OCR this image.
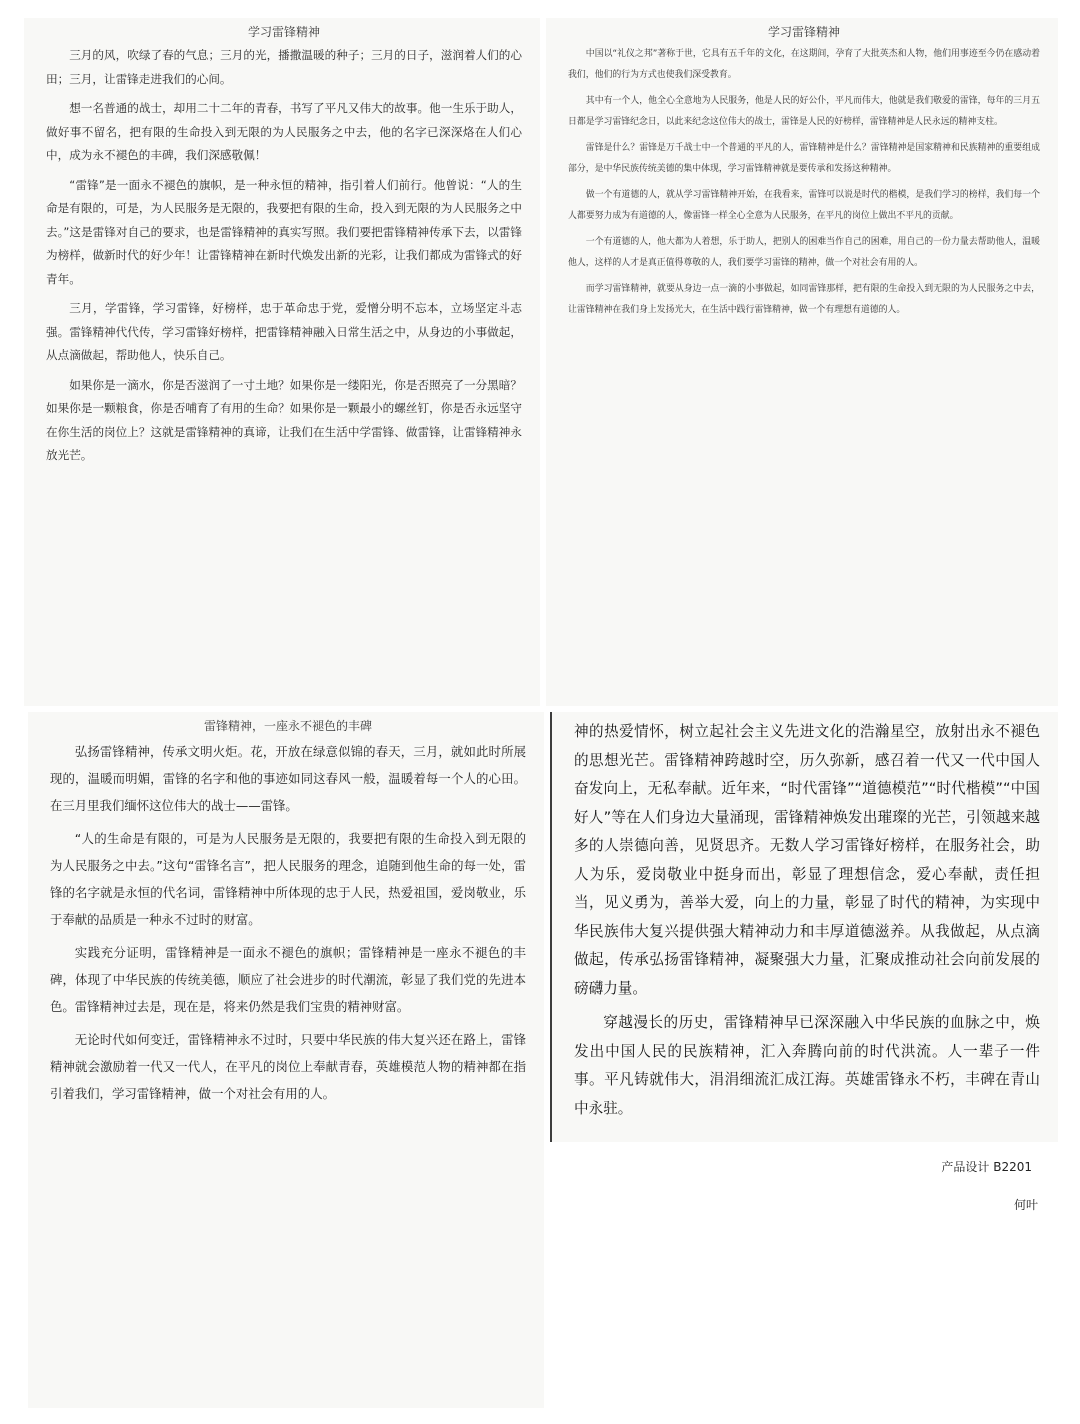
学习雷锋精神

三月的风，吹绿了春的气息；三月的光，播撒温暖的种子；三月的日子，滋润着人们的心田；三月，让雷锋走进我们的心间。

想一名普通的战士，却用二十二年的青春，书写了平凡又伟大的故事。他一生乐于助人，做好事不留名，把有限的生命投入到无限的为人民服务之中去，他的名字已深深烙在人们心中，成为永不褪色的丰碑，我们深感敬佩！

“雷锋”是一面永不褪色的旗帜，是一种永恒的精神，指引着人们前行。他曾说：“人的生命是有限的，可是，为人民服务是无限的，我要把有限的生命，投入到无限的为人民服务之中去。”这是雷锋对自己的要求，也是雷锋精神的真实写照。我们要把雷锋精神传承下去，以雷锋为榜样，做新时代的好少年！让雷锋精神在新时代焕发出新的光彩，让我们都成为雷锋式的好青年。

三月，学雷锋，学习雷锋，好榜样，忠于革命忠于党，爱憎分明不忘本，立场坚定斗志强。雷锋精神代代传，学习雷锋好榜样，把雷锋精神融入日常生活之中，从身边的小事做起，从点滴做起，帮助他人，快乐自己。

如果你是一滴水，你是否滋润了一寸土地？如果你是一缕阳光，你是否照亮了一分黑暗？如果你是一颗粮食，你是否哺育了有用的生命？如果你是一颗最小的螺丝钉，你是否永远坚守在你生活的岗位上？这就是雷锋精神的真谛，让我们在生活中学雷锋、做雷锋，让雷锋精神永放光芒。

学习雷锋精神

中国以“礼仪之邦”著称于世，它具有五千年的文化，在这期间，孕育了大批英杰和人物，他们用事迹至今仍在感动着我们，他们的行为方式也使我们深受教育。

其中有一个人，他全心全意地为人民服务，他是人民的好公仆，平凡而伟大，他就是我们敬爱的雷锋，每年的三月五日都是学习雷锋纪念日，以此来纪念这位伟大的战士，雷锋是人民的好榜样，雷锋精神是人民永远的精神支柱。

雷锋是什么？雷锋是万千战士中一个普通的平凡的人，雷锋精神是什么？雷锋精神是国家精神和民族精神的重要组成部分，是中华民族传统美德的集中体现，学习雷锋精神就是要传承和发扬这种精神。

做一个有道德的人，就从学习雷锋精神开始，在我看来，雷锋可以说是时代的楷模，是我们学习的榜样，我们每一个人都要努力成为有道德的人，像雷锋一样全心全意为人民服务，在平凡的岗位上做出不平凡的贡献。

一个有道德的人，他大都为人着想，乐于助人，把别人的困难当作自己的困难，用自己的一份力量去帮助他人，温暖他人，这样的人才是真正值得尊敬的人，我们要学习雷锋的精神，做一个对社会有用的人。

而学习雷锋精神，就要从身边一点一滴的小事做起，如同雷锋那样，把有限的生命投入到无限的为人民服务之中去，让雷锋精神在我们身上发扬光大，在生活中践行雷锋精神，做一个有理想有道德的人。

雷锋精神，一座永不褪色的丰碑

弘扬雷锋精神，传承文明火炬。花，开放在绿意似锦的春天，三月，就如此时所展现的，温暖而明媚，雷锋的名字和他的事迹如同这春风一般，温暖着每一个人的心田。在三月里我们缅怀这位伟大的战士——雷锋。

“人的生命是有限的，可是为人民服务是无限的，我要把有限的生命投入到无限的为人民服务之中去。”这句“雷锋名言”，把人民服务的理念，追随到他生命的每一处，雷锋的名字就是永恒的代名词，雷锋精神中所体现的忠于人民，热爱祖国，爱岗敬业，乐于奉献的品质是一种永不过时的财富。

实践充分证明，雷锋精神是一面永不褪色的旗帜；雷锋精神是一座永不褪色的丰碑，体现了中华民族的传统美德，顺应了社会进步的时代潮流，彰显了我们党的先进本色。雷锋精神过去是，现在是，将来仍然是我们宝贵的精神财富。

无论时代如何变迁，雷锋精神永不过时，只要中华民族的伟大复兴还在路上，雷锋精神就会激励着一代又一代人，在平凡的岗位上奉献青春，英雄模范人物的精神都在指引着我们，学习雷锋精神，做一个对社会有用的人。

神的热爱情怀，树立起社会主义先进文化的浩瀚星空，放射出永不褪色的思想光芒。雷锋精神跨越时空，历久弥新，感召着一代又一代中国人奋发向上，无私奉献。近年来，“时代雷锋”“道德模范”“时代楷模”“中国好人”等在人们身边大量涌现，雷锋精神焕发出璀璨的光芒，引领越来越多的人崇德向善，见贤思齐。无数人学习雷锋好榜样，在服务社会，助人为乐，爱岗敬业中挺身而出，彰显了理想信念，爱心奉献，责任担当，见义勇为，善举大爱，向上的力量，彰显了时代的精神，为实现中华民族伟大复兴提供强大精神动力和丰厚道德滋养。从我做起，从点滴做起，传承弘扬雷锋精神，凝聚强大力量，汇聚成推动社会向前发展的磅礴力量。

穿越漫长的历史，雷锋精神早已深深融入中华民族的血脉之中，焕发出中国人民的民族精神，汇入奔腾向前的时代洪流。人一辈子一件事。平凡铸就伟大，涓涓细流汇成江海。英雄雷锋永不朽，丰碑在青山中永驻。

产品设计 B2201
何叶
